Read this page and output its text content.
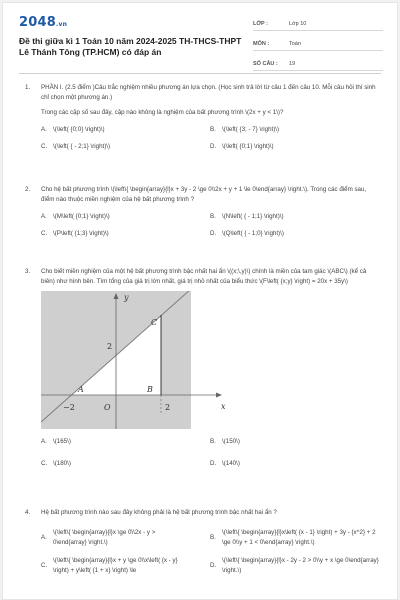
2048.vn
Đề thi giữa kì 1 Toán 10 năm 2024-2025 TH-THCS-THPT Lê Thánh Tông (TP.HCM) có đáp án
LỚP :	Lớp 10
MÔN :	Toán
SỐ CÂU :	19
1.	PHẦN I. (2.5 điểm )Câu trắc nghiệm nhiều phương án lựa chọn. (Học sinh trả lời từ câu 1 đến câu 10. Mỗi câu hỏi thí sinh chỉ chọn một phương án.)
Trong các cặp số sau đây, cặp nào không là nghiệm của bất phương trình \(2x + y < 1\)?
A. \(\left( {0;0} \right)\)	B. \(\left( {3; - 7} \right)\)
C. \(\left( { - 2;1} \right)\)	D. \(\left( {0;1} \right)\)
2.	Cho hệ bất phương trình \(\left\{ \begin{array}{l}x + 3y - 2 \ge 0\\2x + y + 1 \le 0\end{array} \right.\). Trong các điểm sau, điểm nào thuộc miền nghiệm của hệ bất phương trình ?
A. \(M\left( {0;1} \right)\)	B. \(N\left( { - 1;1} \right)\)
C. \(P\left( {1;3} \right)\)	D. \(Q\left( { - 1;0} \right)\)
3.	Cho biết miền nghiệm của một hệ bất phương trình bậc nhất hai ẩn \((x;\,y)\) chính là miền của tam giác \(ABC\) (kể cả biên) như hình bên. Tìm tổng của giá trị lớn nhất, giá trị nhỏ nhất của biểu thức \(F\left( {x;y} \right) = 20x + 35y\)
y
x
A	B
C
O
−2	2
2
A. \(165\)	B. \(150\)
C. \(180\)	D. \(140\)
4.	Hệ bất phương trình nào sau đây không phải là hệ bất phương trình bậc nhất hai ẩn ?
A.
\(\left\{ \begin{array}{l}x \ge 0\\2x - y > 0\end{array} \right.\)
B.
\(\left\{ \begin{array}{l}x\left( {x - 1} \right) + 3y - {x^2} + 2 \ge 0\\y + 1 < 0\end{array} \right.\)
C.
\(\left\{ \begin{array}{l}x + y \ge 0\\x\left( {x - y} \right) + y\left( {1 + x} \right) \le
D.
\(\left\{ \begin{array}{l}x - 2y - 2 > 0\\y + x \ge 0\end{array} \right.\)
